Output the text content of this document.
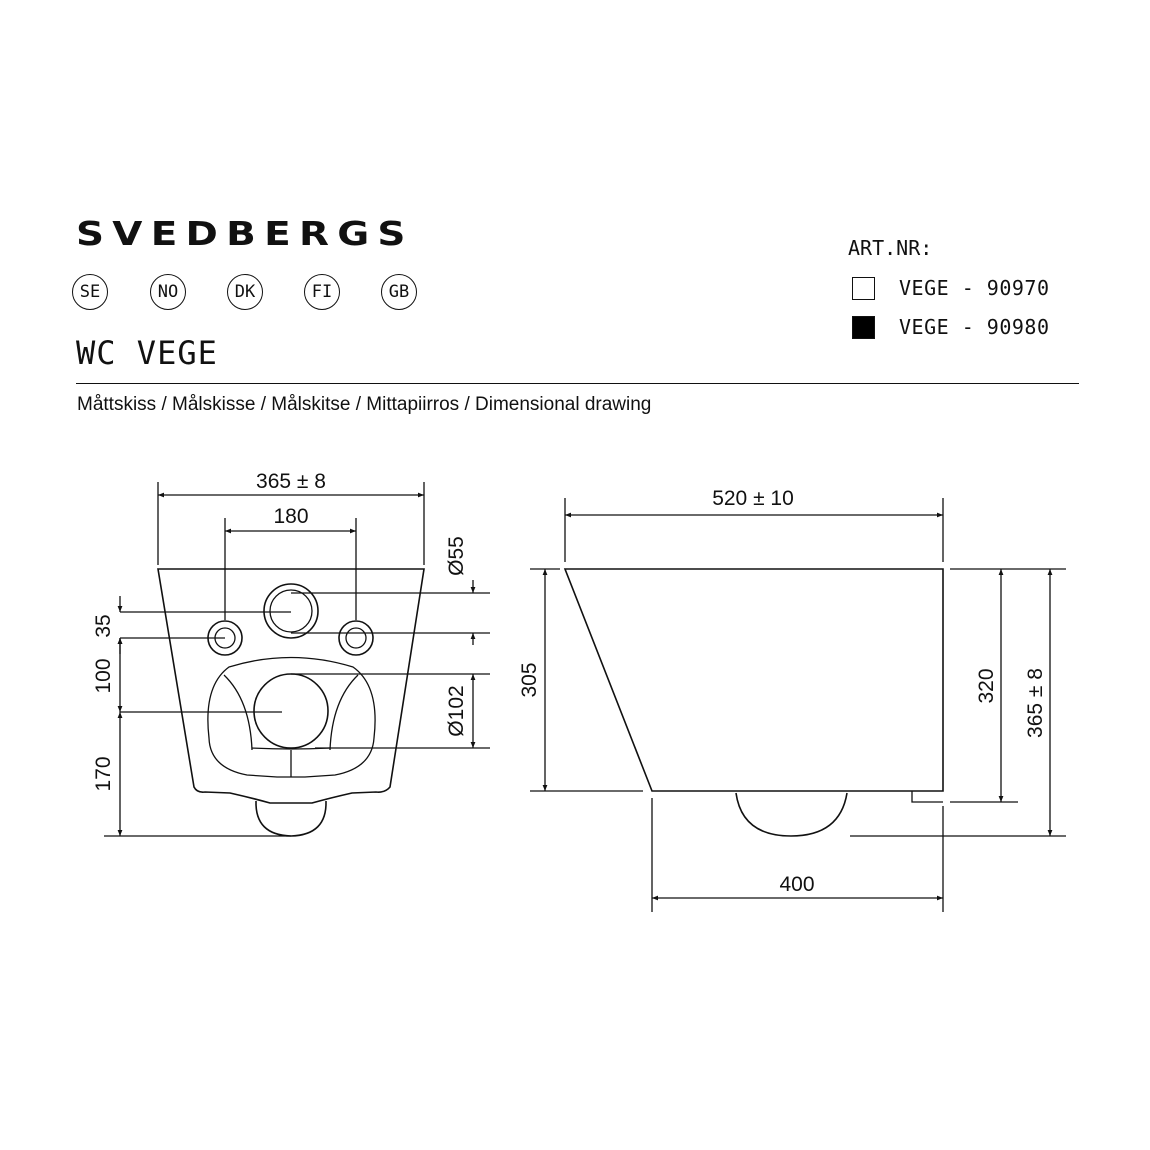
SVEDBERGS
SE	NO	DK	FI	GB
WC VEGE
ART.NR:
VEGE - 90970
VEGE - 90980
Måttskiss / Målskisse / Målskitse / Mittapiirros / Dimensional drawing
365 ± 8
180
Ø55
35
100
Ø102
170
520 ± 10
305	320 365 ± 8
400
